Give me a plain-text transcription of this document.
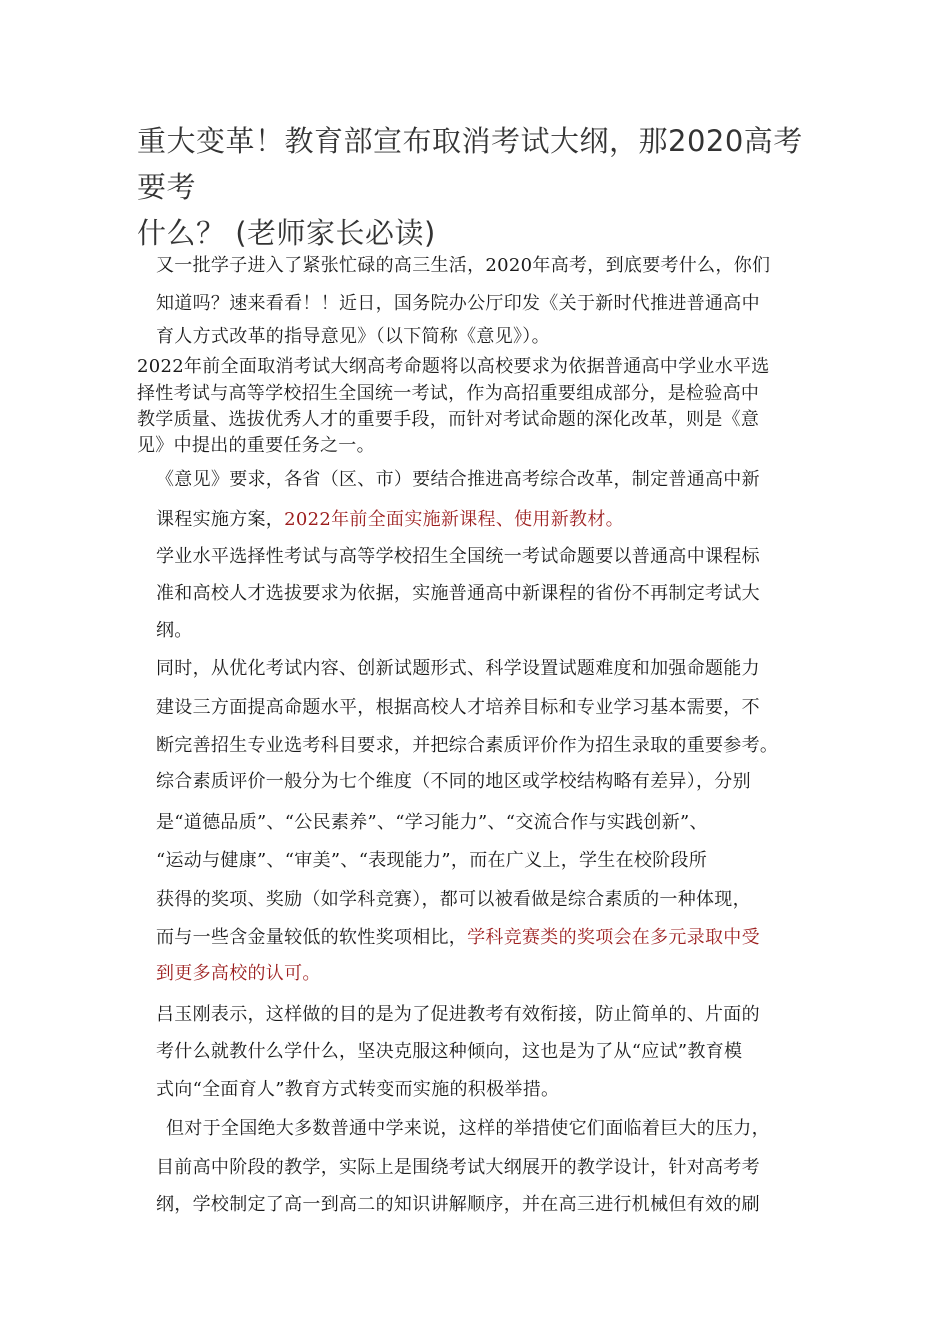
重大变革！教育部宣布取消考试大纲，那2020高考要考
什么？ (老师家长必读)
又一批学子进入了紧张忙碌的高三生活，2020年高考，到底要考什么，你们
知道吗？速来看看！！近日，国务院办公厅印发《关于新时代推进普通高中
育人方式改革的指导意见》（以下简称《意见》）。
2022年前全面取消考试大纲高考命题将以高校要求为依据普通高中学业水平选
择性考试与高等学校招生全国统一考试，作为高招重要组成部分，是检验高中
教学质量、选拔优秀人才的重要手段，而针对考试命题的深化改革，则是《意
见》中提出的重要任务之一。
《意见》要求，各省（区、市）要结合推进高考综合改革，制定普通高中新
课程实施方案，2022年前全面实施新课程、使用新教材。
学业水平选择性考试与高等学校招生全国统一考试命题要以普通高中课程标
准和高校人才选拔要求为依据，实施普通高中新课程的省份不再制定考试大
纲。
同时，从优化考试内容、创新试题形式、科学设置试题难度和加强命题能力
建设三方面提高命题水平，根据高校人才培养目标和专业学习基本需要，不
断完善招生专业选考科目要求，并把综合素质评价作为招生录取的重要参考。
综合素质评价一般分为七个维度（不同的地区或学校结构略有差异），分别
是“道德品质”、“公民素养”、“学习能力”、“交流合作与实践创新”、
“运动与健康”、“审美”、“表现能力”，而在广义上，学生在校阶段所
获得的奖项、奖励（如学科竞赛），都可以被看做是综合素质的一种体现，
而与一些含金量较低的软性奖项相比，学科竞赛类的奖项会在多元录取中受
到更多高校的认可。
吕玉刚表示，这样做的目的是为了促进教考有效衔接，防止简单的、片面的
考什么就教什么学什么，坚决克服这种倾向，这也是为了从“应试”教育模
式向“全面育人”教育方式转变而实施的积极举措。
但对于全国绝大多数普通中学来说，这样的举措使它们面临着巨大的压力，
目前高中阶段的教学，实际上是围绕考试大纲展开的教学设计，针对高考考
纲，学校制定了高一到高二的知识讲解顺序，并在高三进行机械但有效的刷
